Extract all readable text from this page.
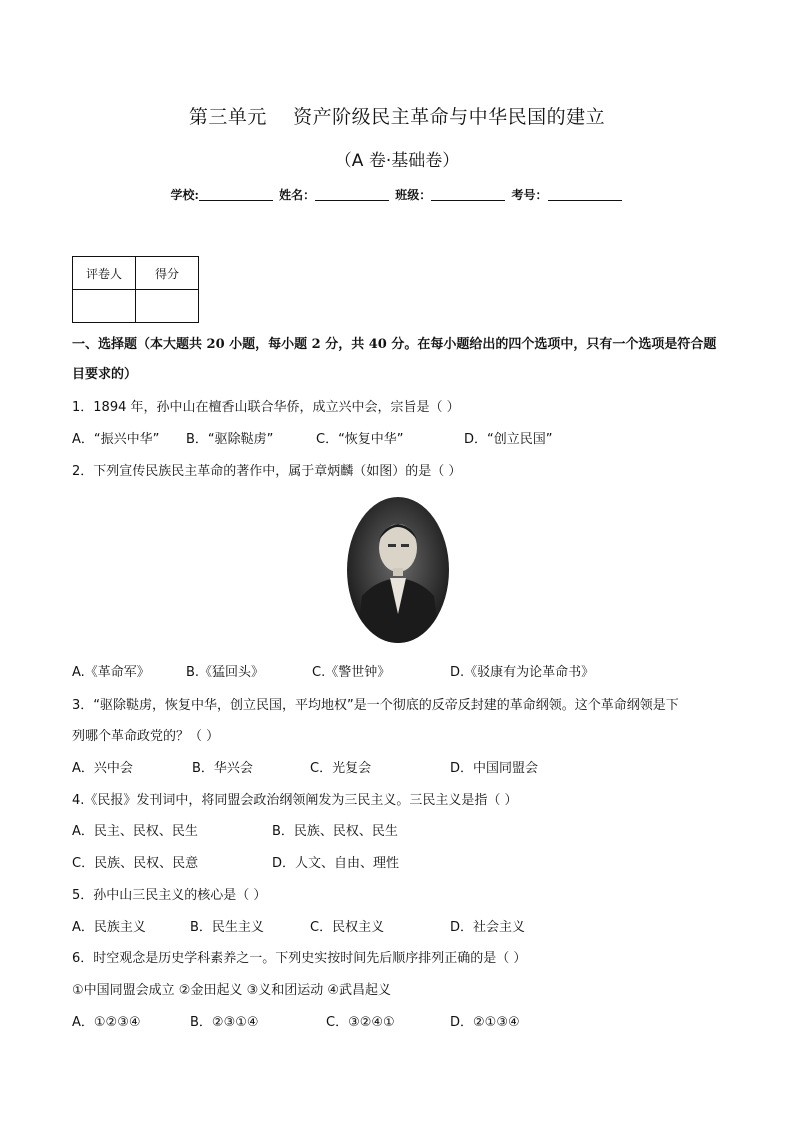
第三单元    资产阶级民主革命与中华民国的建立
（A 卷·基础卷）
学校:	姓名：	班级：	考号：
评卷人	得分

一、选择题（本大题共 20 小题，每小题 2 分，共 40 分。在每小题给出的四个选项中，只有一个选项是符合题目要求的）
1．1894 年，孙中山在檀香山联合华侨，成立兴中会，宗旨是（ ）
A．“振兴中华” B．“驱除鞑虏”	C．“恢复中华”	D．“创立民国”
2．下列宣传民族民主革命的著作中，属于章炳麟（如图）的是（ ）
A.《革命军》	B.《猛回头》	C.《警世钟》	D.《驳康有为论革命书》
3．“驱除鞑虏，恢复中华，创立民国，平均地权”是一个彻底的反帝反封建的革命纲领。这个革命纲领是下
列哪个革命政党的？（ ）
A．兴中会	B．华兴会	C．光复会	D．中国同盟会
4.《民报》发刊词中，将同盟会政治纲领阐发为三民主义。三民主义是指（ ）
A．民主、民权、民生	B．民族、民权、民生
C．民族、民权、民意	D．人文、自由、理性
5．孙中山三民主义的核心是（ ）
A．民族主义	B．民生主义	C．民权主义	D．社会主义
6．时空观念是历史学科素养之一。下列史实按时间先后顺序排列正确的是（ ）
①中国同盟会成立 ②金田起义 ③义和团运动 ④武昌起义
A．①②③④	B．②③①④	C．③②④①	D．②①③④
